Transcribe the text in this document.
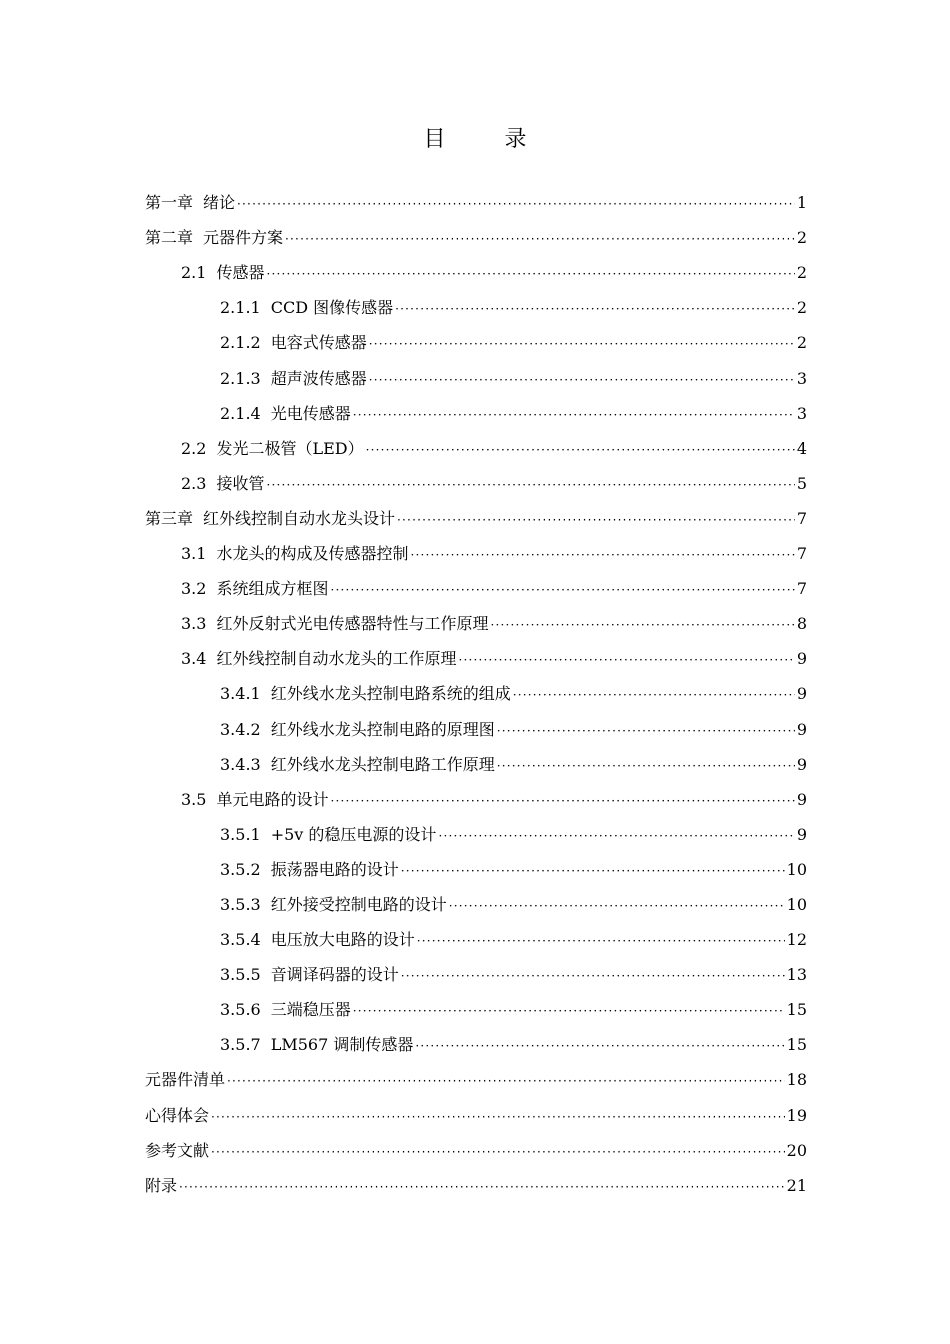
目 录
第一章 绪论 ·····	1
第二章 元器件方案 ·····	2
2.1 传感器 ·····	2
2.1.1 CCD 图像传感器 ·····	2
2.1.2 电容式传感器 ·····	2
2.1.3 超声波传感器 ·····	3
2.1.4 光电传感器 ·····	3
2.2 发光二极管（LED） ·····	4
2.3 接收管 ·····	5
第三章 红外线控制自动水龙头设计 ·····	7
3.1 水龙头的构成及传感器控制 ·····	7
3.2 系统组成方框图 ·····	7
3.3 红外反射式光电传感器特性与工作原理 ·····	8
3.4 红外线控制自动水龙头的工作原理 ·····	9
3.4.1 红外线水龙头控制电路系统的组成 ·····	9
3.4.2 红外线水龙头控制电路的原理图 ·····	9
3.4.3 红外线水龙头控制电路工作原理 ·····	9
3.5 单元电路的设计 ·····	9
3.5.1 +5v 的稳压电源的设计 ·····	9
3.5.2 振荡器电路的设计 ·····	10
3.5.3 红外接受控制电路的设计 ·····	10
3.5.4 电压放大电路的设计 ·····	12
3.5.5 音调译码器的设计 ·····	13
3.5.6 三端稳压器 ·····	15
3.5.7 LM567 调制传感器 ·····	15
元器件清单 ·····	18
心得体会 ·····	19
参考文献 ·····	20
附录 ·····	21
